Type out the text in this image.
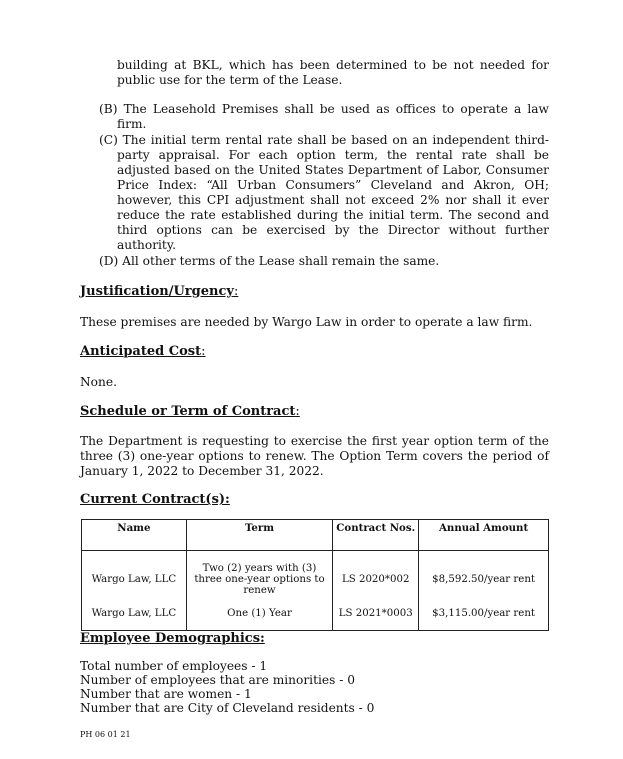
building at BKL, which has been determined to be not needed for public use for the term of the Lease.

(B) The Leasehold Premises shall be used as offices to operate a law firm.

(C) The initial term rental rate shall be based on an independent third-party appraisal. For each option term, the rental rate shall be adjusted based on the United States Department of Labor, Consumer Price Index: “All Urban Consumers” Cleveland and Akron, OH; however, this CPI adjustment shall not exceed 2% nor shall it ever reduce the rate established during the initial term. The second and third options can be exercised by the Director without further authority.

(D) All other terms of the Lease shall remain the same.

Justification/Urgency:

These premises are needed by Wargo Law in order to operate a law firm.

Anticipated Cost:

None.

Schedule or Term of Contract:

The Department is requesting to exercise the first year option term of the three (3) one-year options to renew. The Option Term covers the period of January 1, 2022 to December 31, 2022.

Current Contract(s):

Name	Term	Contract Nos.	Annual Amount
Wargo Law, LLC	Two (2) years with (3) three one-year options to renew	LS 2020*002	$8,592.50/year rent
Wargo Law, LLC	One (1) Year	LS 2021*0003	$3,115.00/year rent

Employee Demographics:

Total number of employees - 1
Number of employees that are minorities - 0
Number that are women - 1
Number that are City of Cleveland residents - 0

PH 06 01 21
